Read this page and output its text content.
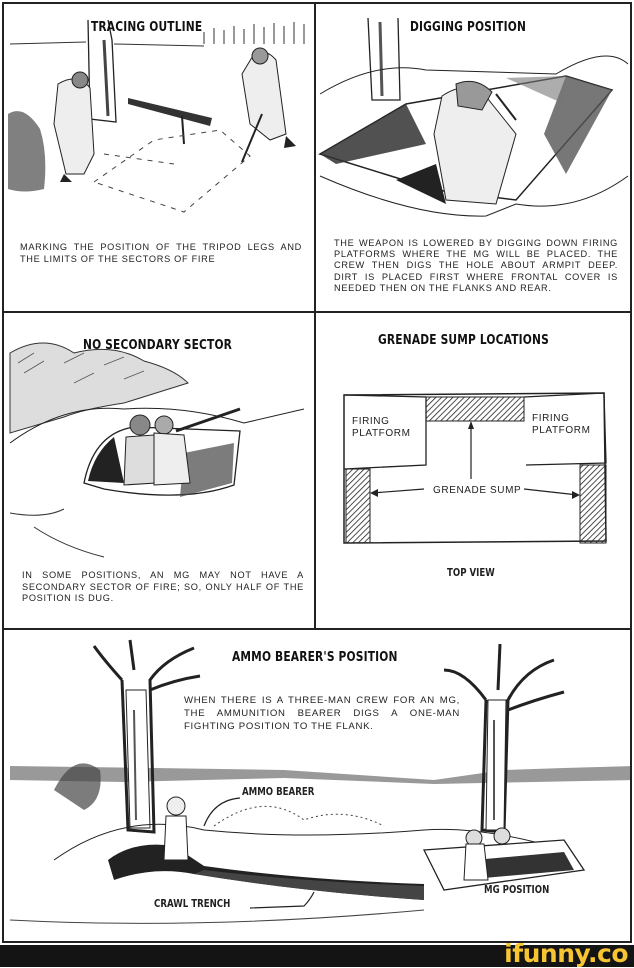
TRACING OUTLINE
MARKING THE POSITION OF THE TRIPOD LEGS AND THE LIMITS OF THE SECTORS OF FIRE
DIGGING POSITION
THE WEAPON IS LOWERED BY DIGGING DOWN FIRING PLATFORMS WHERE THE MG WILL BE PLACED. THE CREW THEN DIGS THE HOLE ABOUT ARMPIT DEEP. DIRT IS PLACED FIRST WHERE FRONTAL COVER IS NEEDED THEN ON THE FLANKS AND REAR.
NO SECONDARY SECTOR
IN SOME POSITIONS, AN MG MAY NOT HAVE A SECONDARY SECTOR OF FIRE; SO, ONLY HALF OF THE POSITION IS DUG.
GRENADE SUMP LOCATIONS
FIRING PLATFORM
FIRING PLATFORM
GRENADE SUMP
TOP VIEW
AMMO BEARER'S POSITION
WHEN THERE IS A THREE-MAN CREW FOR AN MG, THE AMMUNITION BEARER DIGS A ONE-MAN FIGHTING POSITION TO THE FLANK.
AMMO BEARER
CRAWL TRENCH
MG POSITION
ifunny.co
